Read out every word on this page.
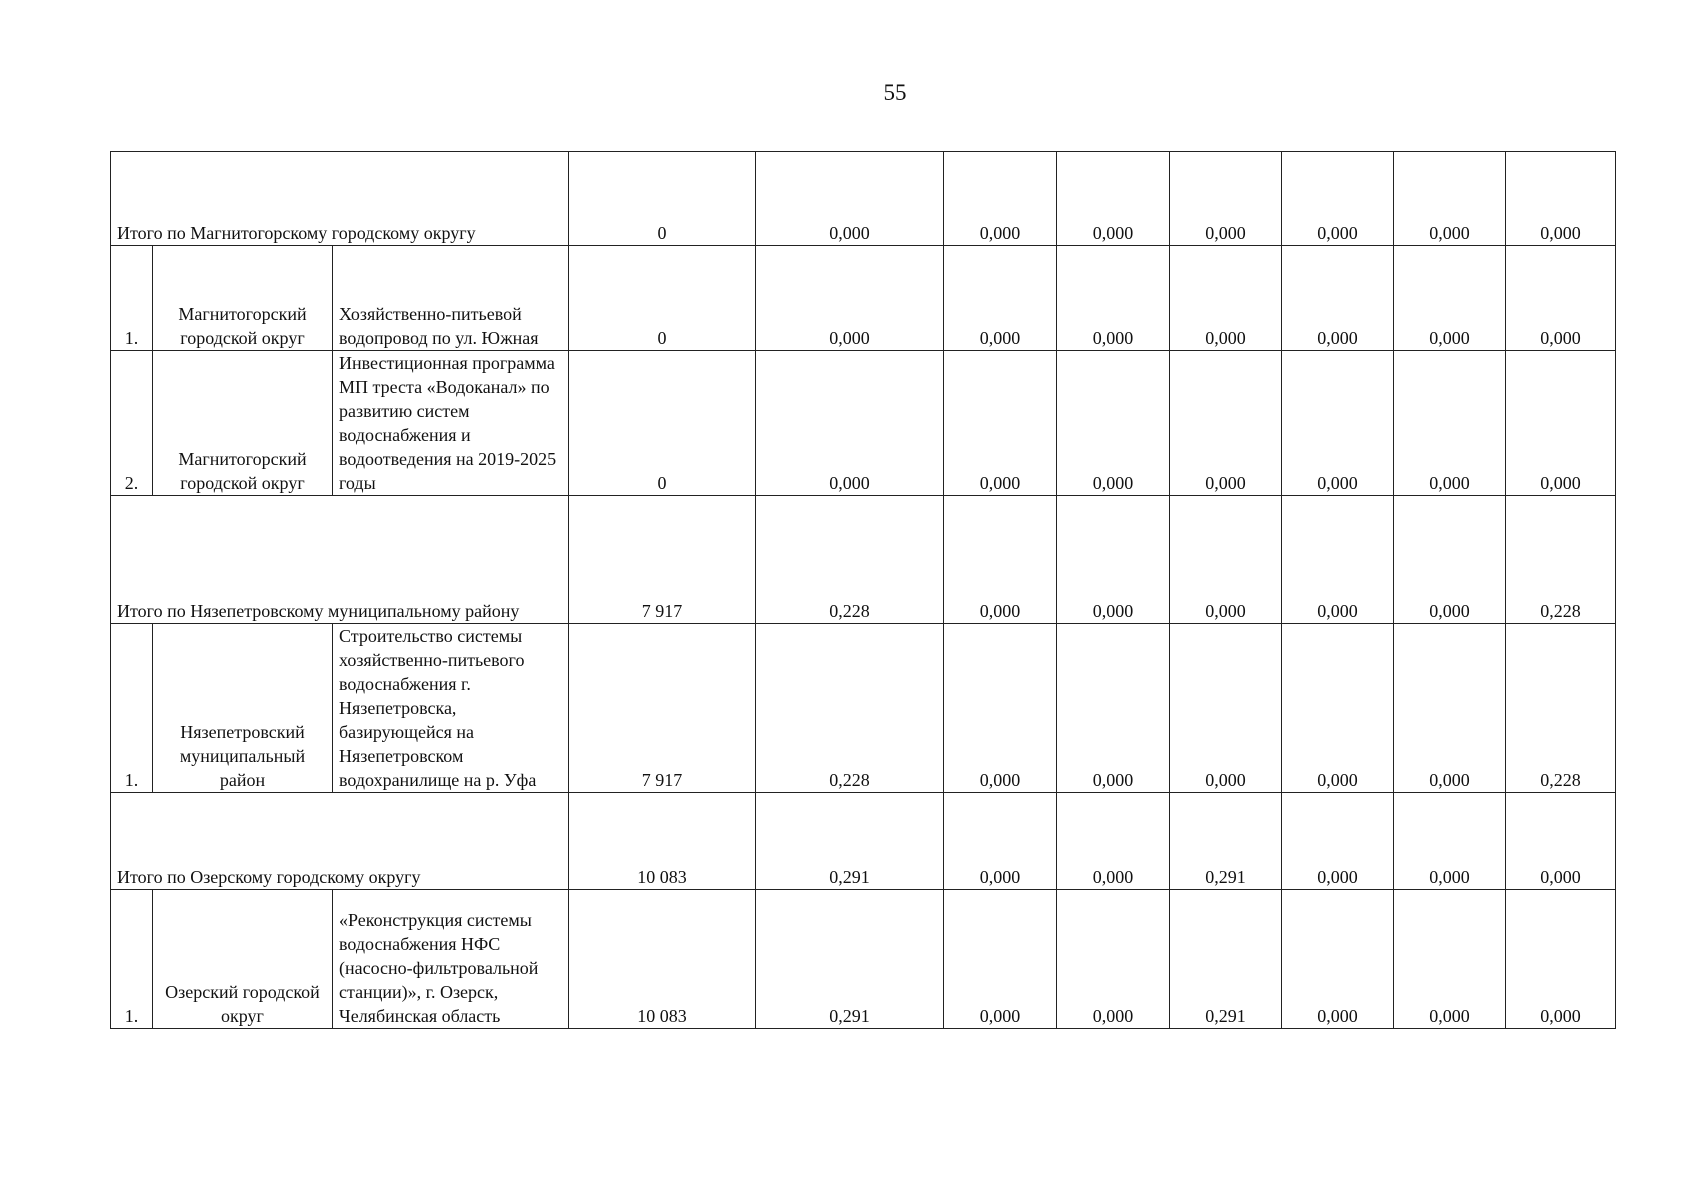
55
Итого по Магнитогорскому городскому округу			0	0,000	0,000	0,000	0,000	0,000	0,000	0,000
1.	Магнитогорский городской округ	Хозяйственно-питьевой водопровод по ул. Южная	0	0,000	0,000	0,000	0,000	0,000	0,000	0,000
2.	Магнитогорский городской округ	Инвестиционная программа МП треста «Водоканал» по развитию систем водоснабжения и водоотведения на 2019-2025 годы	0	0,000	0,000	0,000	0,000	0,000	0,000	0,000

Итого по Нязепетровскому муниципальному району			7 917	0,228	0,000	0,000	0,000	0,000	0,000	0,228
1.	Нязепетровский муниципальный район	Строительство системы хозяйственно-питьевого водоснабжения г. Нязепетровска, базирующейся на Нязепетровском водохранилище на р. Уфа	7 917	0,228	0,000	0,000	0,000	0,000	0,000	0,228

Итого по Озерскому городскому округу			10 083	0,291	0,000	0,000	0,291	0,000	0,000	0,000
1.	Озерский городской округ	«Реконструкция системы водоснабжения НФС (насосно-фильтровальной станции)», г. Озерск, Челябинская область	10 083	0,291	0,000	0,000	0,291	0,000	0,000	0,000
